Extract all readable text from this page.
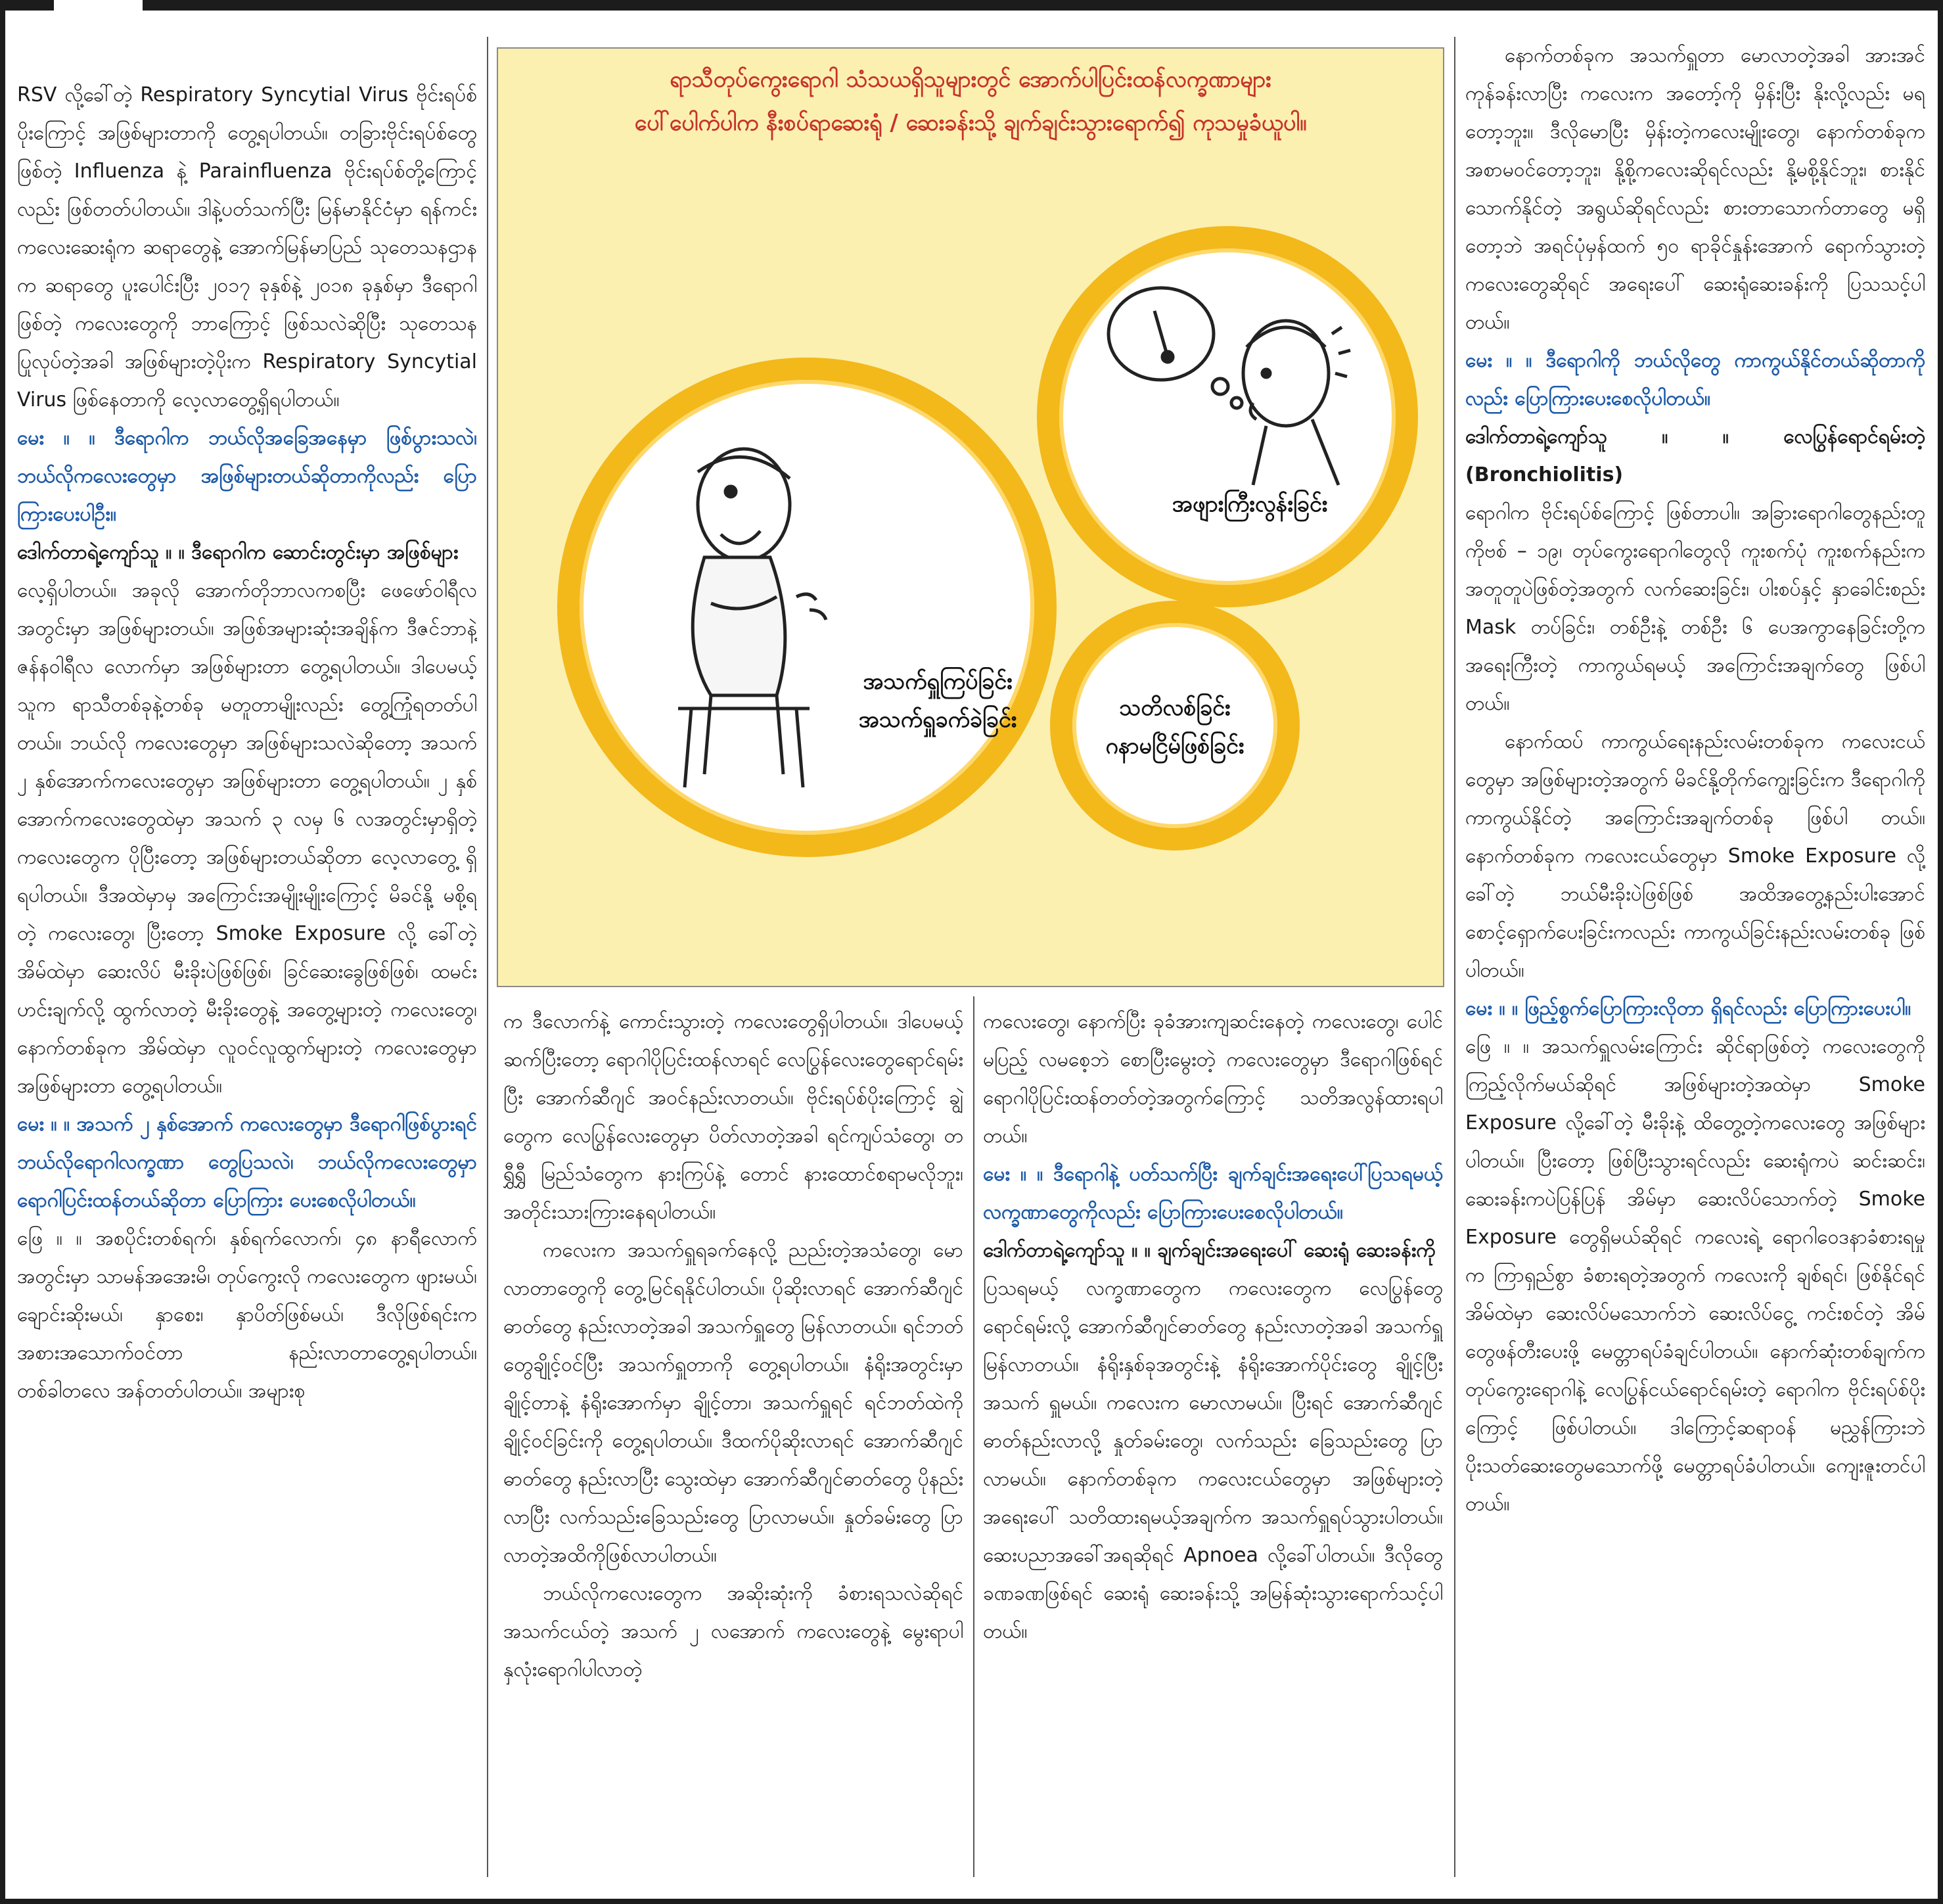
RSV လို့ခေါ်တဲ့ Respiratory Syncytial Virus ဗိုင်းရပ်စ်ပိုးကြောင့် အဖြစ်များတာကို တွေ့ရပါတယ်။ တခြားဗိုင်းရပ်စ်တွေဖြစ်တဲ့ Influenza နဲ့ Parainfluenza ဗိုင်းရပ်စ်တို့ကြောင့်လည်း ဖြစ်တတ်ပါတယ်။ ဒါနဲ့ပတ်သက်ပြီး မြန်မာနိုင်ငံမှာ ရန်ကင်း ကလေးဆေးရုံက ဆရာတွေနဲ့ အောက်မြန်မာပြည် သုတေသနဌာနက ဆရာတွေ ပူးပေါင်းပြီး ၂၀၁၇ ခုနှစ်နဲ့ ၂၀၁၈ ခုနှစ်မှာ ဒီရောဂါဖြစ်တဲ့ ကလေးတွေကို ဘာကြောင့် ဖြစ်သလဲဆိုပြီး သုတေသနပြုလုပ်တဲ့အခါ အဖြစ်များတဲ့ပိုးက Respiratory Syncytial Virus ဖြစ်နေတာကို လေ့လာတွေ့ရှိရပါတယ်။

မေး ။ ။ ဒီရောဂါက ဘယ်လိုအခြေအနေမှာ ဖြစ်ပွားသလဲ၊ ဘယ်လိုကလေးတွေမှာ အဖြစ်များတယ်ဆိုတာကိုလည်း ပြောကြားပေးပါဦး။

ဒေါက်တာရဲ့ကျော်သူ ။ ။ ဒီရောဂါက ဆောင်းတွင်းမှာ အဖြစ်များ

လေ့ရှိပါတယ်။ အခုလို အောက်တိုဘာလကစပြီး ဖေဖော်ဝါရီလအတွင်းမှာ အဖြစ်များတယ်။ အဖြစ်အများဆုံးအချိန်က ဒီဇင်ဘာနဲ့ ဇန်နဝါရီလ လောက်မှာ အဖြစ်များတာ တွေ့ရပါတယ်။ ဒါပေမယ့် သူက ရာသီတစ်ခုနဲ့တစ်ခု မတူတာမျိုးလည်း တွေ့ကြုံရတတ်ပါတယ်။ ဘယ်လို ကလေးတွေမှာ အဖြစ်များသလဲဆိုတော့ အသက် ၂ နှစ်အောက်ကလေးတွေမှာ အဖြစ်များတာ တွေ့ရပါတယ်။ ၂ နှစ်အောက်ကလေးတွေထဲမှာ အသက် ၃ လမှ ၆ လအတွင်းမှာရှိတဲ့ ကလေးတွေက ပိုပြီးတော့ အဖြစ်များတယ်ဆိုတာ လေ့လာတွေ့ ရှိရပါတယ်။ ဒီအထဲမှာမှ အကြောင်းအမျိုးမျိုးကြောင့် မိခင်နို့ မစို့ရတဲ့ ကလေးတွေ၊ ပြီးတော့ Smoke Exposure လို့ ခေါ်တဲ့ အိမ်ထဲမှာ ဆေးလိပ် မီးခိုးပဲဖြစ်ဖြစ်၊ ခြင်ဆေးခွေဖြစ်ဖြစ်၊ ထမင်းဟင်းချက်လို့ ထွက်လာတဲ့ မီးခိုးတွေနဲ့ အတွေ့များတဲ့ ကလေးတွေ၊ နောက်တစ်ခုက အိမ်ထဲမှာ လူဝင်လူထွက်များတဲ့ ကလေးတွေမှာ အဖြစ်များတာ တွေ့ရပါတယ်။

မေး ။ ။ အသက် ၂ နှစ်အောက် ကလေးတွေမှာ ဒီရောဂါဖြစ်ပွားရင် ဘယ်လိုရောဂါလက္ခဏာ တွေပြသလဲ၊ ဘယ်လိုကလေးတွေမှာ ရောဂါပြင်းထန်တယ်ဆိုတာ ပြောကြား ပေးစေလိုပါတယ်။

ဖြေ ။ ။ အစပိုင်းတစ်ရက်၊ နှစ်ရက်လောက်၊ ၄၈ နာရီလောက်အတွင်းမှာ သာမန်အအေးမိ၊ တုပ်ကွေးလို ကလေးတွေက ဖျားမယ်၊ ချောင်းဆိုးမယ်၊ နှာစေး၊ နှာပိတ်ဖြစ်မယ်၊ ဒီလိုဖြစ်ရင်းက အစားအသောက်ဝင်တာ နည်းလာတာတွေ့ရပါတယ်။ တစ်ခါတလေ အန်တတ်ပါတယ်။ အများစု

ရာသီတုပ်ကွေးရောဂါ သံသယရှိသူများတွင် အောက်ပါပြင်းထန်လက္ခဏာများ
ပေါ်ပေါက်ပါက နီးစပ်ရာဆေးရုံ / ဆေးခန်းသို့ ချက်ချင်းသွားရောက်၍ ကုသမှုခံယူပါ။
အသက်ရှူကြပ်ခြင်း
အသက်ရှူခက်ခဲခြင်း
အဖျားကြီးလွန်းခြင်း
သတိလစ်ခြင်း
ဂနာမငြိမ်ဖြစ်ခြင်း

က ဒီလောက်နဲ့ ကောင်းသွားတဲ့ ကလေးတွေရှိပါတယ်။ ဒါပေမယ့် ဆက်ပြီးတော့ ရောဂါပိုပြင်းထန်လာရင် လေပြွန်လေးတွေရောင်ရမ်းပြီး အောက်ဆီဂျင် အဝင်နည်းလာတယ်။ ဗိုင်းရပ်စ်ပိုးကြောင့် ချွဲတွေက လေပြွန်လေးတွေမှာ ပိတ်လာတဲ့အခါ ရင်ကျပ်သံတွေ၊ တရွှီရွှီ မြည်သံတွေက နားကြပ်နဲ့ တောင် နားထောင်စရာမလိုဘူး၊ အတိုင်းသားကြားနေရပါတယ်။

ကလေးက အသက်ရှူရခက်နေလို့ ညည်းတဲ့အသံတွေ၊ မောလာတာတွေကို တွေ့မြင်ရနိုင်ပါတယ်။ ပိုဆိုးလာရင် အောက်ဆီဂျင်ဓာတ်တွေ နည်းလာတဲ့အခါ အသက်ရှူတွေ မြန်လာတယ်။ ရင်ဘတ်တွေချိုင့်ဝင်ပြီး အသက်ရှူတာကို တွေ့ရပါတယ်။ နံရိုးအတွင်းမှာ ချိုင့်တာနဲ့ နံရိုးအောက်မှာ ချိုင့်တာ၊ အသက်ရှူရင် ရင်ဘတ်ထဲကို ချိုင့်ဝင်ခြင်းကို တွေ့ရပါတယ်။ ဒီထက်ပိုဆိုးလာရင် အောက်ဆီဂျင်ဓာတ်တွေ နည်းလာပြီး သွေးထဲမှာ အောက်ဆီဂျင်ဓာတ်တွေ ပိုနည်းလာပြီး လက်သည်းခြေသည်းတွေ ပြာလာမယ်။ နှုတ်ခမ်းတွေ ပြာလာတဲ့အထိကိုဖြစ်လာပါတယ်။

ဘယ်လိုကလေးတွေက အဆိုးဆုံးကို ခံစားရသလဲဆိုရင် အသက်ငယ်တဲ့ အသက် ၂ လအောက် ကလေးတွေနဲ့ မွေးရာပါ နှလုံးရောဂါပါလာတဲ့

ကလေးတွေ၊ နောက်ပြီး ခုခံအားကျဆင်းနေတဲ့ ကလေးတွေ၊ ပေါင်မပြည့် လမစေ့ဘဲ စောပြီးမွေးတဲ့ ကလေးတွေမှာ ဒီရောဂါဖြစ်ရင် ရောဂါပိုပြင်းထန်တတ်တဲ့အတွက်ကြောင့် သတိအလွန်ထားရပါတယ်။

မေး ။ ။ ဒီရောဂါနဲ့ ပတ်သက်ပြီး ချက်ချင်းအရေးပေါ်ပြသရမယ့် လက္ခဏာတွေကိုလည်း ပြောကြားပေးစေလိုပါတယ်။

ဒေါက်တာရဲ့ကျော်သူ ။ ။ ချက်ချင်းအရေးပေါ် ဆေးရုံ ဆေးခန်းကို

ပြသရမယ့် လက္ခဏာတွေက ကလေးတွေက လေပြွန်တွေရောင်ရမ်းလို့ အောက်ဆီဂျင်ဓာတ်တွေ နည်းလာတဲ့အခါ အသက်ရှူမြန်လာတယ်။ နံရိုးနှစ်ခုအတွင်းနဲ့ နံရိုးအောက်ပိုင်းတွေ ချိုင့်ပြီး အသက် ရှူမယ်။ ကလေးက မောလာမယ်။ ပြီးရင် အောက်ဆီဂျင်ဓာတ်နည်းလာလို့ နှုတ်ခမ်းတွေ၊ လက်သည်း ခြေသည်းတွေ ပြာလာမယ်။ နောက်တစ်ခုက ကလေးငယ်တွေမှာ အဖြစ်များတဲ့ အရေးပေါ် သတိထားရမယ့်အချက်က အသက်ရှူရပ်သွားပါတယ်။ ဆေးပညာအခေါ်အရဆိုရင် Apnoea လို့ခေါ်ပါတယ်။ ဒီလိုတွေ ခဏခဏဖြစ်ရင် ဆေးရုံ ဆေးခန်းသို့ အမြန်ဆုံးသွားရောက်သင့်ပါတယ်။

နောက်တစ်ခုက အသက်ရှူတာ မောလာတဲ့အခါ အားအင်ကုန်ခန်းလာပြီး ကလေးက အတော့်ကို မှိန်းပြီး နိုးလို့လည်း မရတော့ဘူး။ ဒီလိုမောပြီး မှိန်းတဲ့ကလေးမျိုးတွေ၊ နောက်တစ်ခုက အစာမဝင်တော့ဘူး၊ နို့စို့ကလေးဆိုရင်လည်း နို့မစို့နိုင်ဘူး၊ စားနိုင်သောက်နိုင်တဲ့ အရွယ်ဆိုရင်လည်း စားတာသောက်တာတွေ မရှိတော့ဘဲ အရင်ပုံမှန်ထက် ၅၀ ရာခိုင်နှုန်းအောက် ရောက်သွားတဲ့ ကလေးတွေဆိုရင် အရေးပေါ် ဆေးရုံဆေးခန်းကို ပြသသင့်ပါတယ်။

မေး ။ ။ ဒီရောဂါကို ဘယ်လိုတွေ ကာကွယ်နိုင်တယ်ဆိုတာကိုလည်း ပြောကြားပေးစေလိုပါတယ်။

ဒေါက်တာရဲ့ကျော်သူ ။ ။ လေပြွန်ရောင်ရမ်းတဲ့ (Bronchiolitis)

ရောဂါက ဗိုင်းရပ်စ်ကြောင့် ဖြစ်တာပါ။ အခြားရောဂါတွေနည်းတူ ကိုဗစ် – ၁၉၊ တုပ်ကွေးရောဂါတွေလို ကူးစက်ပုံ ကူးစက်နည်းက အတူတူပဲဖြစ်တဲ့အတွက် လက်ဆေးခြင်း၊ ပါးစပ်နှင့် နှာခေါင်းစည်း Mask တပ်ခြင်း၊ တစ်ဦးနဲ့ တစ်ဦး ၆ ပေအကွာနေခြင်းတို့က အရေးကြီးတဲ့ ကာကွယ်ရမယ့် အကြောင်းအချက်တွေ ဖြစ်ပါတယ်။

နောက်ထပ် ကာကွယ်ရေးနည်းလမ်းတစ်ခုက ကလေးငယ်တွေမှာ အဖြစ်များတဲ့အတွက် မိခင်နို့တိုက်ကျွေးခြင်းက ဒီရောဂါကို ကာကွယ်နိုင်တဲ့ အကြောင်းအချက်တစ်ခု ဖြစ်ပါ တယ်။ နောက်တစ်ခုက ကလေးငယ်တွေမှာ Smoke Exposure လို့ခေါ်တဲ့ ဘယ်မီးခိုးပဲဖြစ်ဖြစ် အထိအတွေ့နည်းပါးအောင် စောင့်ရှောက်ပေးခြင်းကလည်း ကာကွယ်ခြင်းနည်းလမ်းတစ်ခု ဖြစ်ပါတယ်။

မေး ။ ။ ဖြည့်စွက်ပြောကြားလိုတာ ရှိရင်လည်း ပြောကြားပေးပါ။

ဖြေ ။ ။ အသက်ရှူလမ်းကြောင်း ဆိုင်ရာဖြစ်တဲ့ ကလေးတွေကို ကြည့်လိုက်မယ်ဆိုရင် အဖြစ်များတဲ့အထဲမှာ Smoke Exposure လို့ခေါ်တဲ့ မီးခိုးနဲ့ ထိတွေ့တဲ့ကလေးတွေ အဖြစ်များပါတယ်။ ပြီးတော့ ဖြစ်ပြီးသွားရင်လည်း ဆေးရုံကပဲ ဆင်းဆင်း၊ ဆေးခန်းကပဲပြန်ပြန် အိမ်မှာ ဆေးလိပ်သောက်တဲ့ Smoke Exposure တွေရှိမယ်ဆိုရင် ကလေးရဲ့ ရောဂါဝေဒနာခံစားရမှုက ကြာရှည်စွာ ခံစားရတဲ့အတွက် ကလေးကို ချစ်ရင်၊ ဖြစ်နိုင်ရင် အိမ်ထဲမှာ ဆေးလိပ်မသောက်ဘဲ ဆေးလိပ်ငွေ့ ကင်းစင်တဲ့ အိမ်တွေဖန်တီးပေးဖို့ မေတ္တာရပ်ခံချင်ပါတယ်။ နောက်ဆုံးတစ်ချက်က တုပ်ကွေးရောဂါနဲ့ လေပြွန်ငယ်ရောင်ရမ်းတဲ့ ရောဂါက ဗိုင်းရပ်စ်ပိုးကြောင့် ဖြစ်ပါတယ်။ ဒါကြောင့်ဆရာဝန် မညွှန်ကြားဘဲ ပိုးသတ်ဆေးတွေမသောက်ဖို့ မေတ္တာရပ်ခံပါတယ်။ ကျေးဇူးတင်ပါတယ်။
